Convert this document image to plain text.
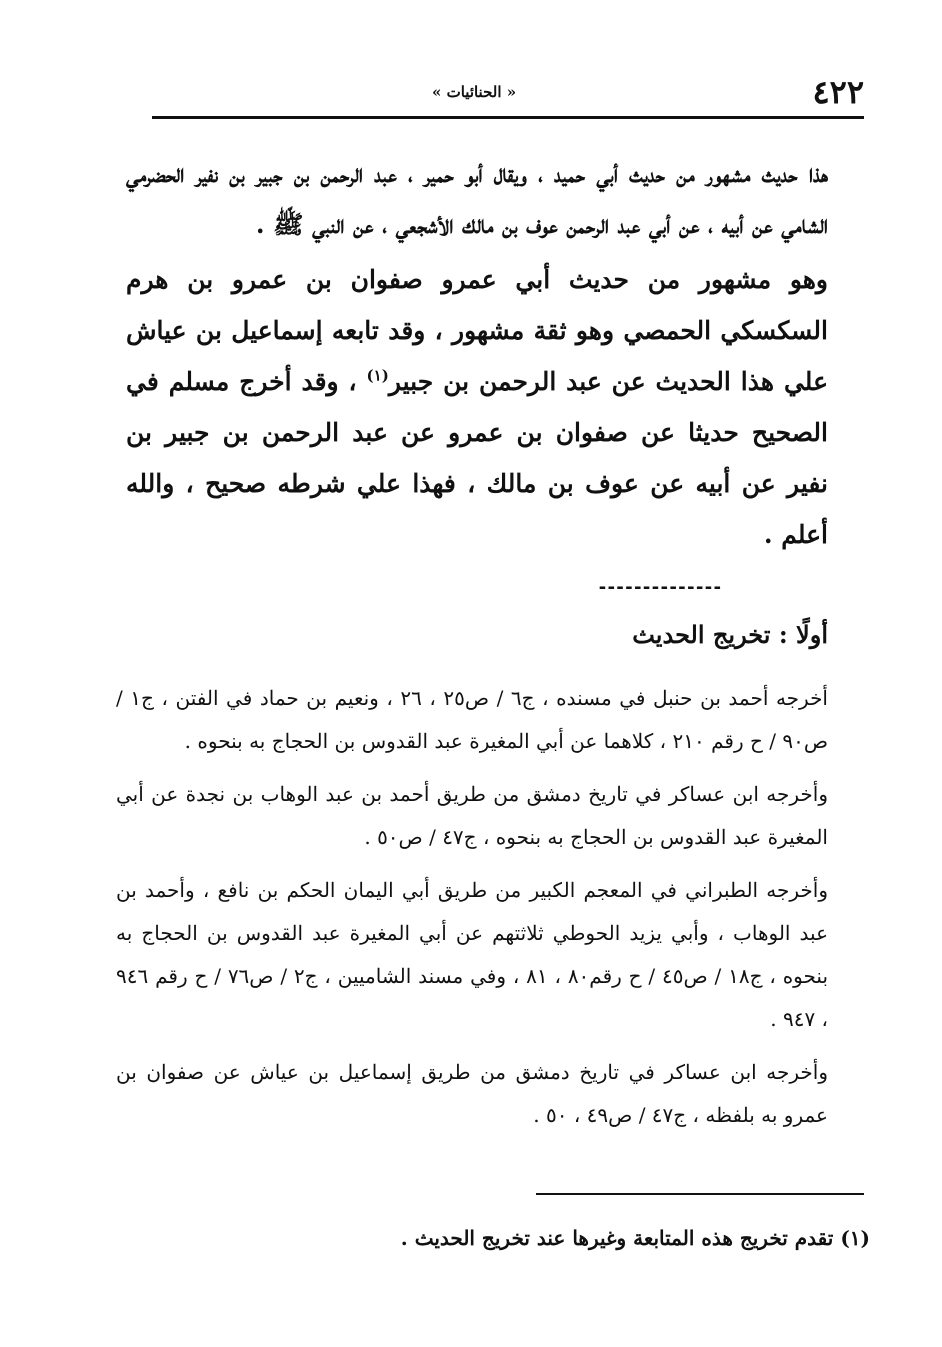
٤٢٢
« الحنائيات »

هذا حديث مشهور من حديث أبي حميد ، ويقال أبو حمير ، عبد الرحمن بن جبير بن نفير الحضرمي الشامي عن أبيه ، عن أبي عبد الرحمن عوف بن مالك الأشجعي ، عن النبي ﷺ .

وهو مشهور من حديث أبي عمرو صفوان بن عمرو بن هرم السكسكي الحمصي وهو ثقة مشهور ، وقد تابعه إسماعيل بن عياش علي هذا الحديث عن عبد الرحمن بن جبير$^{(١)}$ ، وقد أخرج مسلم في الصحيح حديثا عن صفوان بن عمرو عن عبد الرحمن بن جبير بن نفير عن أبيه عن عوف بن مالك ، فهذا علي شرطه صحيح ، والله أعلم .

--------------
أولًا : تخريج الحديث

أخرجه أحمد بن حنبل في مسنده ، ج٦ / ص٢٥ ، ٢٦ ، ونعيم بن حماد في الفتن ، ج١ / ص٩٠ / ح رقم ٢١٠ ، كلاهما عن أبي المغيرة عبد القدوس بن الحجاج به بنحوه .

وأخرجه ابن عساكر في تاريخ دمشق من طريق أحمد بن عبد الوهاب بن نجدة عن أبي المغيرة عبد القدوس بن الحجاج به بنحوه ، ج٤٧ / ص٥٠ .

وأخرجه الطبراني في المعجم الكبير من طريق أبي اليمان الحكم بن نافع ، وأحمد بن عبد الوهاب ، وأبي يزيد الحوطي ثلاثتهم عن أبي المغيرة عبد القدوس بن الحجاج به بنحوه ، ج١٨ / ص٤٥ / ح رقم٨٠ ، ٨١ ، وفي مسند الشاميين ، ج٢ / ص٧٦ / ح رقم ٩٤٦ ، ٩٤٧ .

وأخرجه ابن عساكر في تاريخ دمشق من طريق إسماعيل بن عياش عن صفوان بن عمرو به بلفظه ، ج٤٧ / ص٤٩ ، ٥٠ .

(١) تقدم تخريج هذه المتابعة وغيرها عند تخريج الحديث .
